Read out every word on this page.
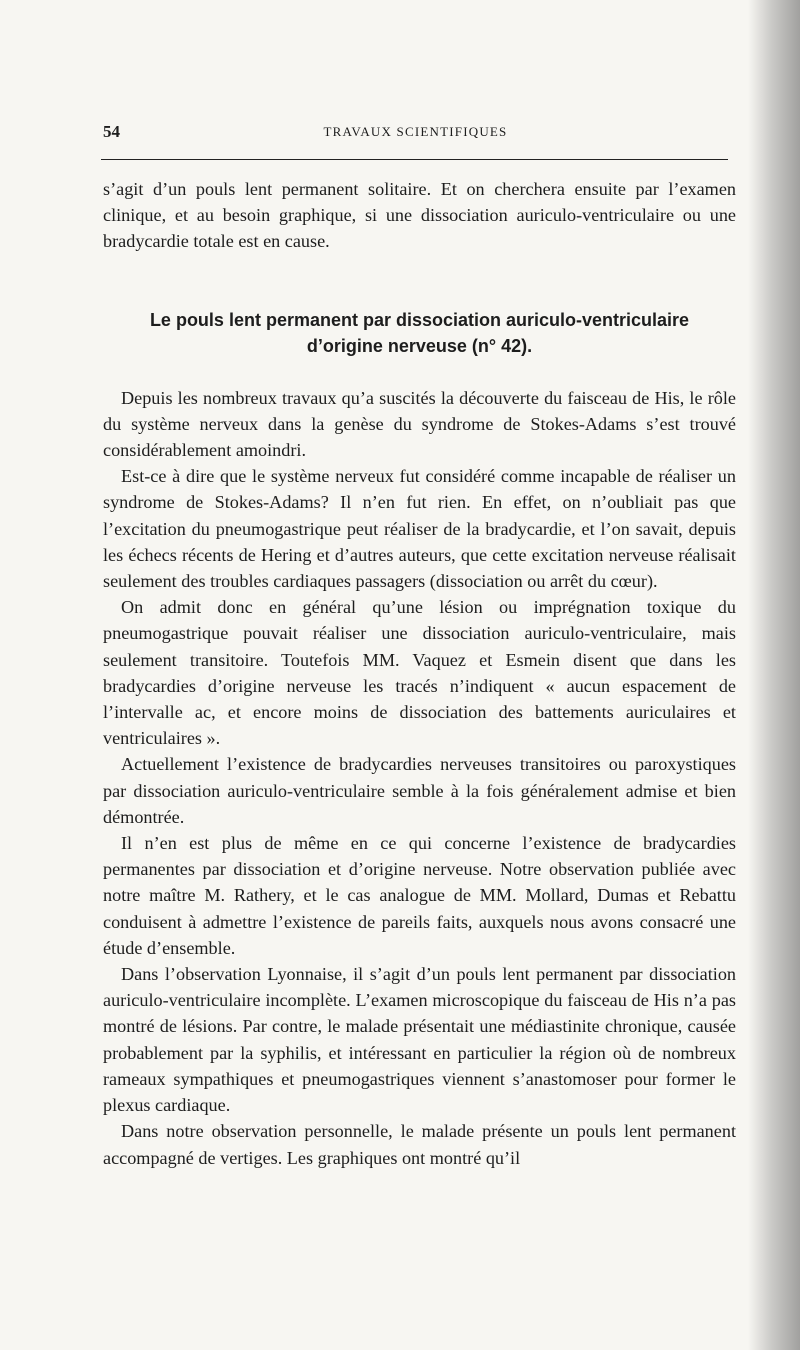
54	TRAVAUX SCIENTIFIQUES

s’agit d’un pouls lent permanent solitaire. Et on cherchera ensuite par l’examen clinique, et au besoin graphique, si une dissociation auriculo-ventriculaire ou une bradycardie totale est en cause.

Le pouls lent permanent par dissociation auriculo-ventriculaire
d’origine nerveuse (n° 42).

Depuis les nombreux travaux qu’a suscités la découverte du faisceau de His, le rôle du système nerveux dans la genèse du syndrome de Stokes-Adams s’est trouvé considérablement amoindri.

Est-ce à dire que le système nerveux fut considéré comme incapable de réaliser un syndrome de Stokes-Adams? Il n’en fut rien. En effet, on n’oubliait pas que l’excitation du pneumogastrique peut réaliser de la bradycardie, et l’on savait, depuis les échecs récents de Hering et d’autres auteurs, que cette excitation nerveuse réalisait seulement des troubles cardiaques passagers (dissociation ou arrêt du cœur).

On admit donc en général qu’une lésion ou imprégnation toxique du pneumogastrique pouvait réaliser une dissociation auriculo-ventriculaire, mais seulement transitoire. Toutefois MM. Vaquez et Esmein disent que dans les bradycardies d’origine nerveuse les tracés n’indiquent « aucun espacement de l’intervalle ac, et encore moins de dissociation des battements auriculaires et ventriculaires ».

Actuellement l’existence de bradycardies nerveuses transitoires ou paroxystiques par dissociation auriculo-ventriculaire semble à la fois généralement admise et bien démontrée.

Il n’en est plus de même en ce qui concerne l’existence de bradycardies permanentes par dissociation et d’origine nerveuse. Notre observation publiée avec notre maître M. Rathery, et le cas analogue de MM. Mollard, Dumas et Rebattu conduisent à admettre l’existence de pareils faits, auxquels nous avons consacré une étude d’ensemble.

Dans l’observation Lyonnaise, il s’agit d’un pouls lent permanent par dissociation auriculo-ventriculaire incomplète. L’examen microscopique du faisceau de His n’a pas montré de lésions. Par contre, le malade présentait une médiastinite chronique, causée probablement par la syphilis, et intéressant en particulier la région où de nombreux rameaux sympathiques et pneumogastriques viennent s’anastomoser pour former le plexus cardiaque.

Dans notre observation personnelle, le malade présente un pouls lent permanent accompagné de vertiges. Les graphiques ont montré qu’il
